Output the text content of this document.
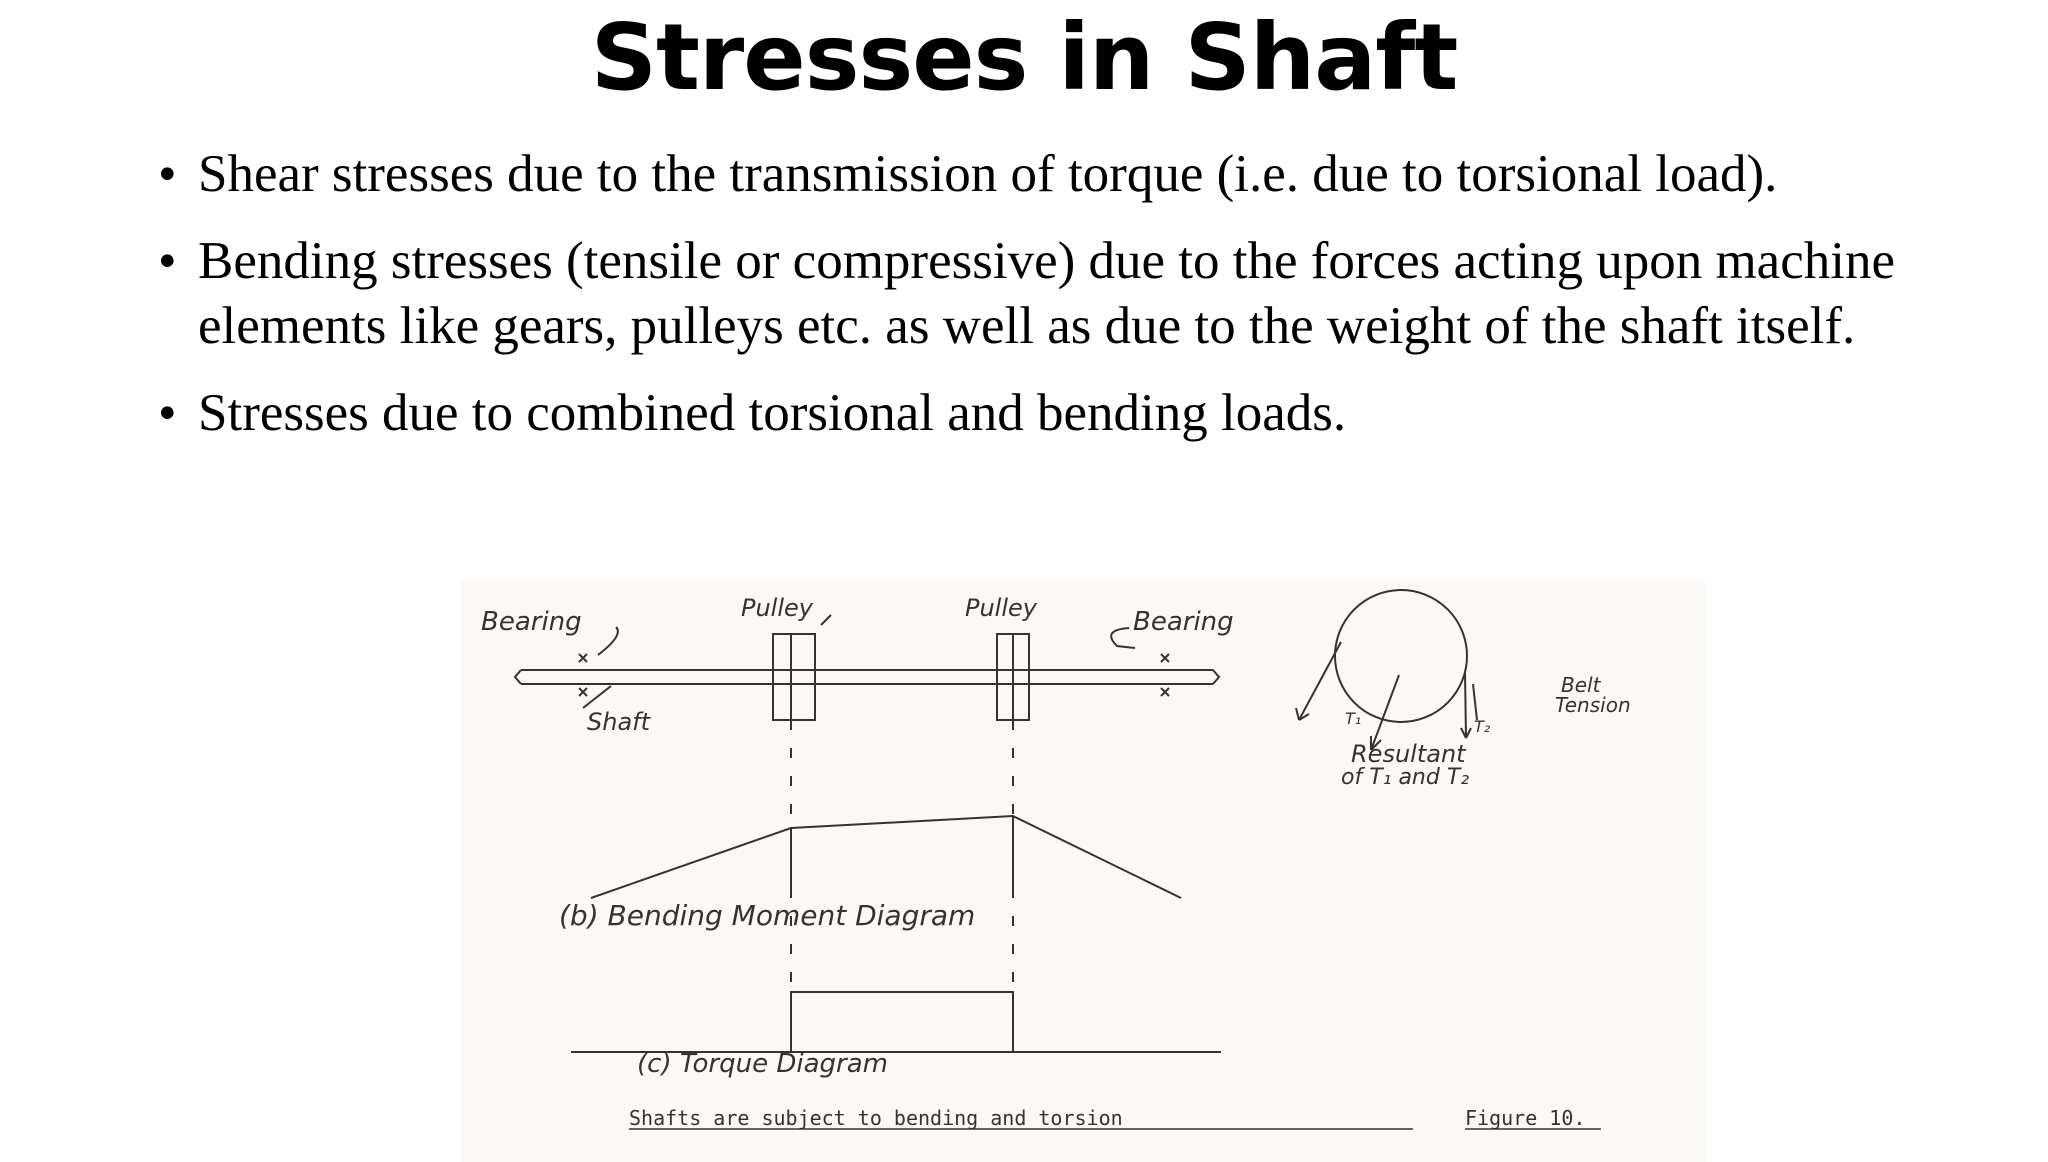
Stresses in Shaft
• Shear stresses due to the transmission of torque (i.e. due to torsional load).
• Bending stresses (tensile or compressive) due to the forces acting upon machine elements like gears, pulleys etc. as well as due to the weight of the shaft itself.
• Stresses due to combined torsional and bending loads.
Bearing	Pulley	Pulley	Bearing
Shaft
Belt
Tension
T₁	T₂
Resultant
of T₁ and T₂
(b) Bending Moment Diagram
(c) Torque Diagram
Shafts are subject to bending and torsion	Figure 10.
